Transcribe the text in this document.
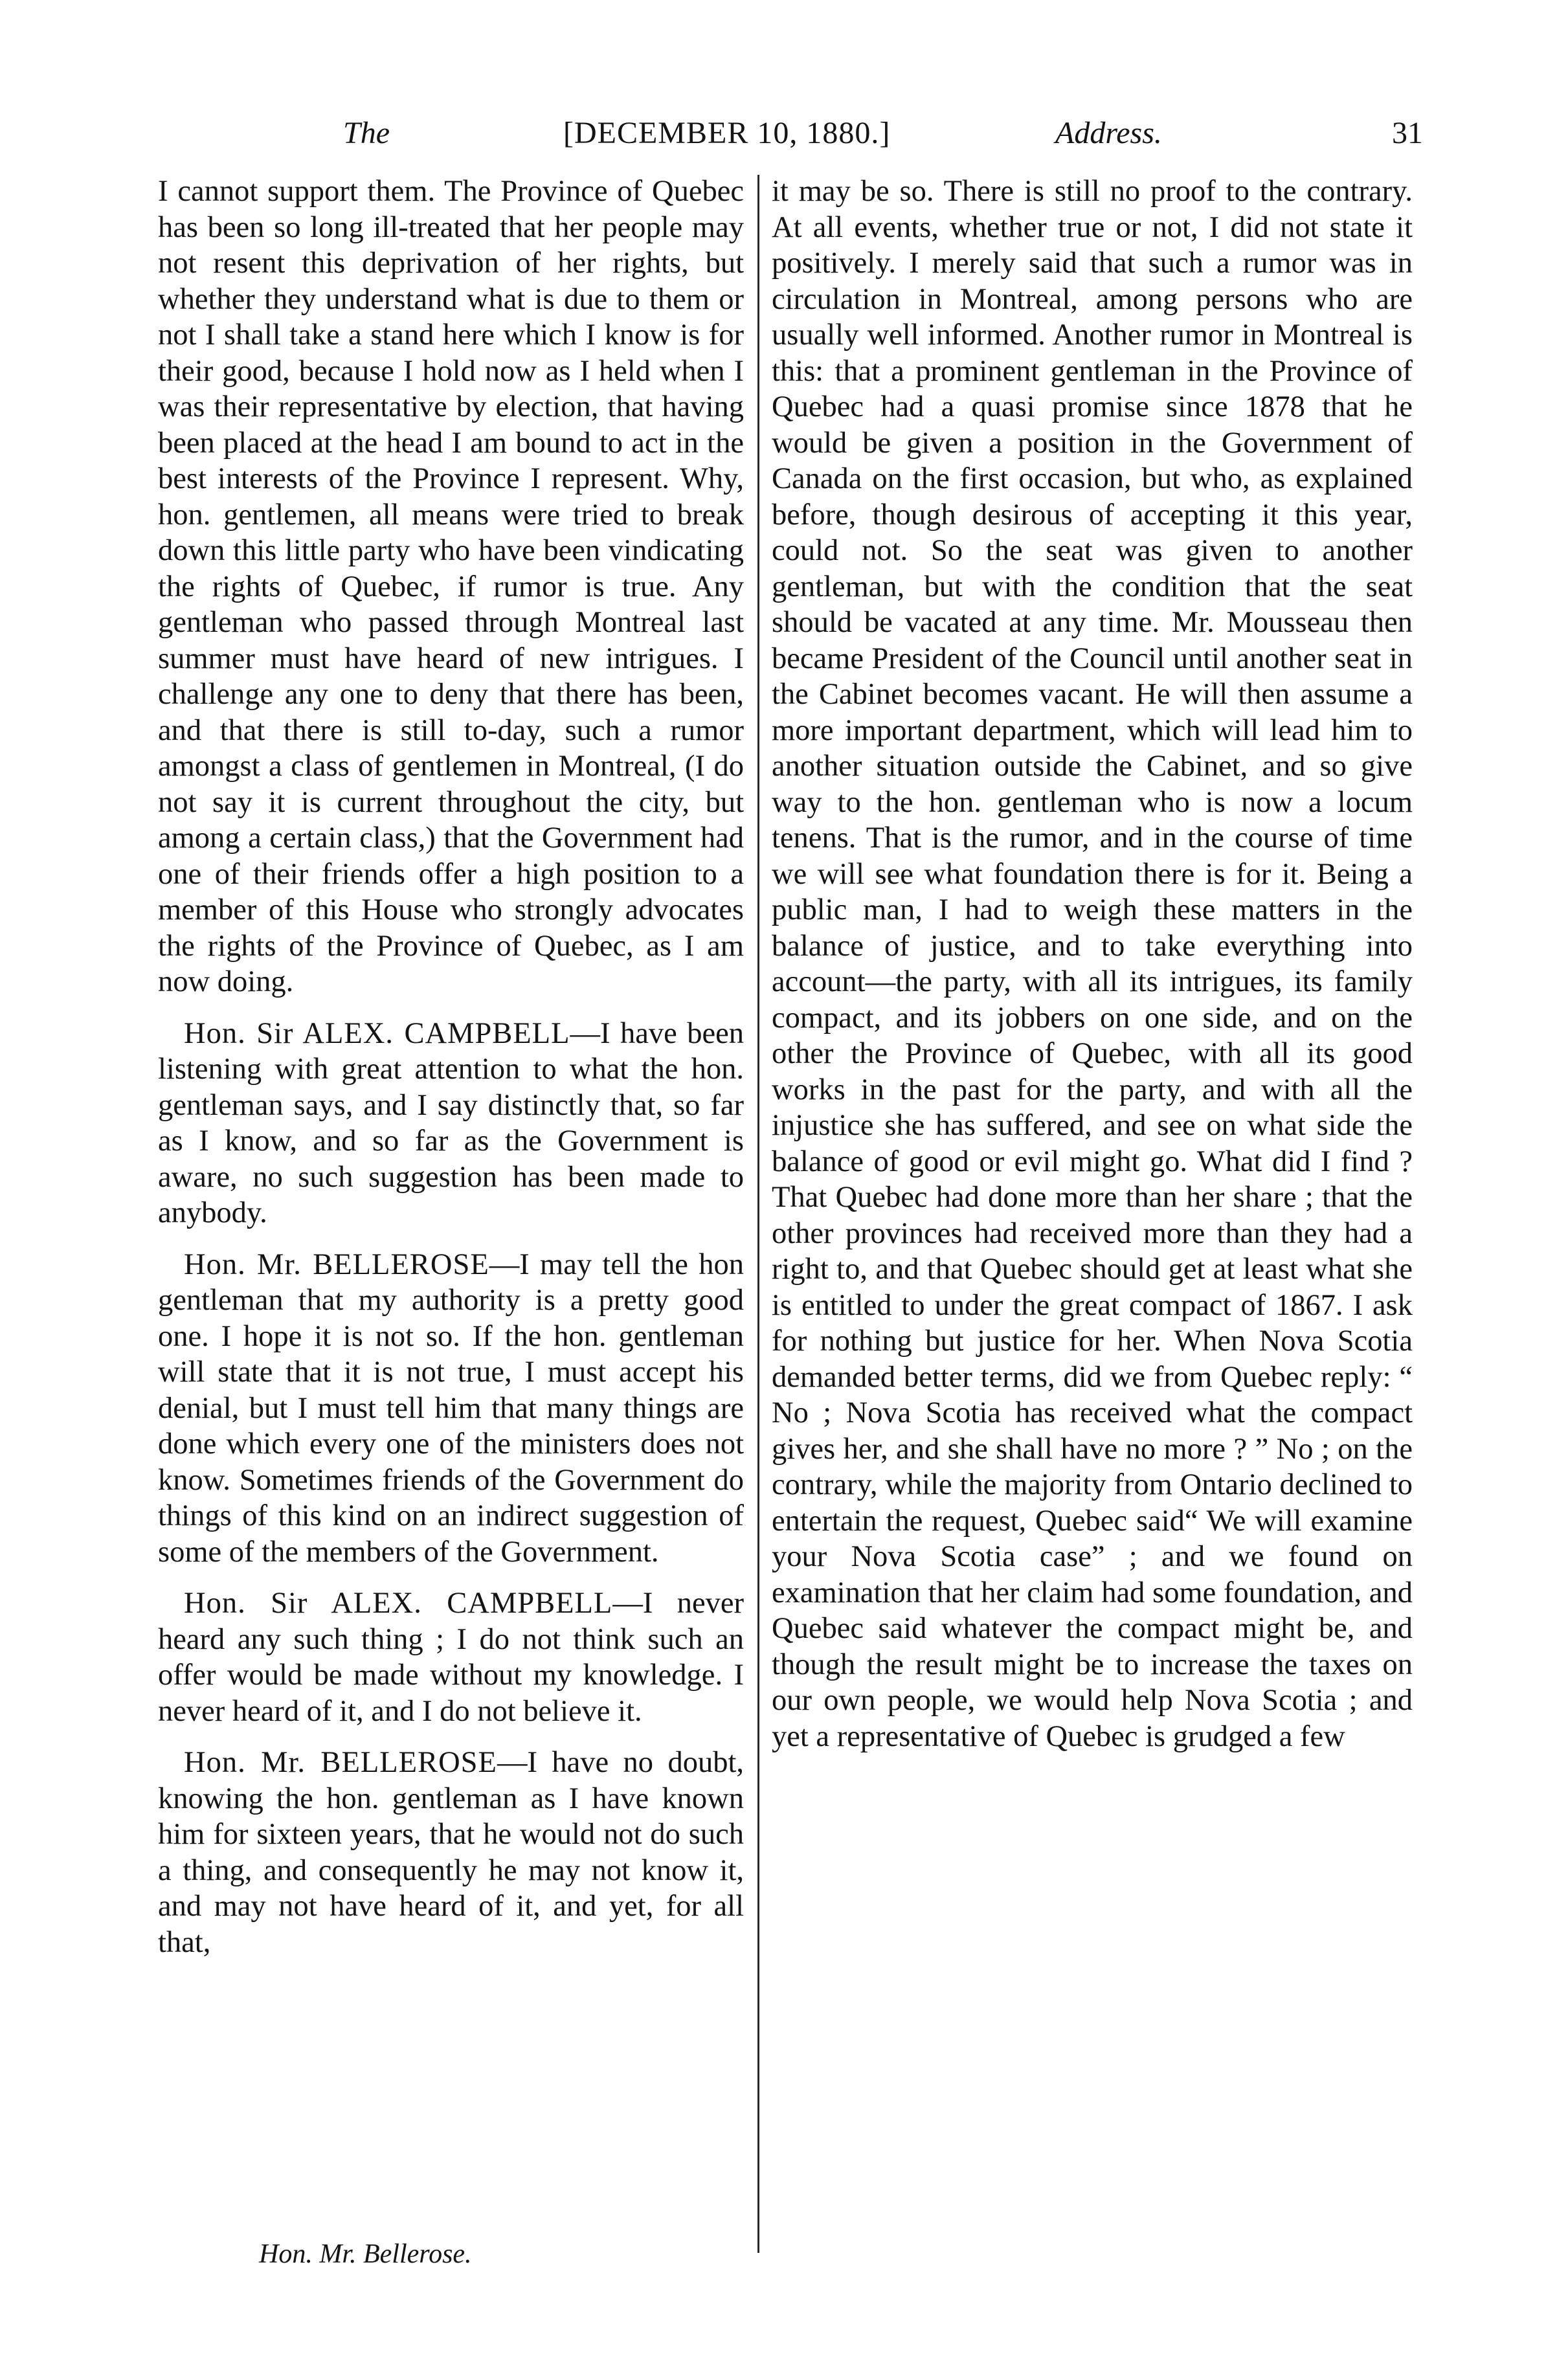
The	[DECEMBER 10, 1880.]	Address.	31

I cannot support them. The Province of Quebec has been so long ill-treated that her people may not resent this deprivation of her rights, but whether they understand what is due to them or not I shall take a stand here which I know is for their good, because I hold now as I held when I was their representative by election, that having been placed at the head I am bound to act in the best interests of the Province I represent. Why, hon. gentlemen, all means were tried to break down this little party who have been vindicating the rights of Quebec, if rumor is true. Any gentleman who passed through Montreal last summer must have heard of new intrigues. I challenge any one to deny that there has been, and that there is still to-day, such a rumor amongst a class of gentlemen in Montreal, (I do not say it is current throughout the city, but among a certain class,) that the Government had one of their friends offer a high position to a member of this House who strongly advocates the rights of the Province of Quebec, as I am now doing.

Hon. Sir ALEX. CAMPBELL—I have been listening with great attention to what the hon. gentleman says, and I say distinctly that, so far as I know, and so far as the Government is aware, no such suggestion has been made to anybody.

Hon. Mr. BELLEROSE—I may tell the hon gentleman that my authority is a pretty good one. I hope it is not so. If the hon. gentleman will state that it is not true, I must accept his denial, but I must tell him that many things are done which every one of the ministers does not know. Sometimes friends of the Government do things of this kind on an indirect suggestion of some of the members of the Government.

Hon. Sir ALEX. CAMPBELL—I never heard any such thing ; I do not think such an offer would be made without my knowledge. I never heard of it, and I do not believe it.

Hon. Mr. BELLEROSE—I have no doubt, knowing the hon. gentleman as I have known him for sixteen years, that he would not do such a thing, and consequently he may not know it, and may not have heard of it, and yet, for all that,

it may be so. There is still no proof to the contrary. At all events, whether true or not, I did not state it positively. I merely said that such a rumor was in circulation in Montreal, among persons who are usually well informed. Another rumor in Montreal is this: that a prominent gentleman in the Province of Quebec had a quasi promise since 1878 that he would be given a position in the Government of Canada on the first occasion, but who, as explained before, though desirous of accepting it this year, could not. So the seat was given to another gentleman, but with the condition that the seat should be vacated at any time. Mr. Mousseau then became President of the Council until another seat in the Cabinet becomes vacant. He will then assume a more important department, which will lead him to another situation outside the Cabinet, and so give way to the hon. gentleman who is now a locum tenens. That is the rumor, and in the course of time we will see what foundation there is for it. Being a public man, I had to weigh these matters in the balance of justice, and to take everything into account—the party, with all its intrigues, its family compact, and its jobbers on one side, and on the other the Province of Quebec, with all its good works in the past for the party, and with all the injustice she has suffered, and see on what side the balance of good or evil might go. What did I find ? That Quebec had done more than her share ; that the other provinces had received more than they had a right to, and that Quebec should get at least what she is entitled to under the great compact of 1867. I ask for nothing but justice for her. When Nova Scotia demanded better terms, did we from Quebec reply: “ No ; Nova Scotia has received what the compact gives her, and she shall have no more ? ” No ; on the contrary, while the majority from Ontario declined to entertain the request, Quebec said“ We will examine your Nova Scotia case” ; and we found on examination that her claim had some foundation, and Quebec said whatever the compact might be, and though the result might be to increase the taxes on our own people, we would help Nova Scotia ; and yet a representative of Quebec is grudged a few

Hon. Mr. Bellerose.
